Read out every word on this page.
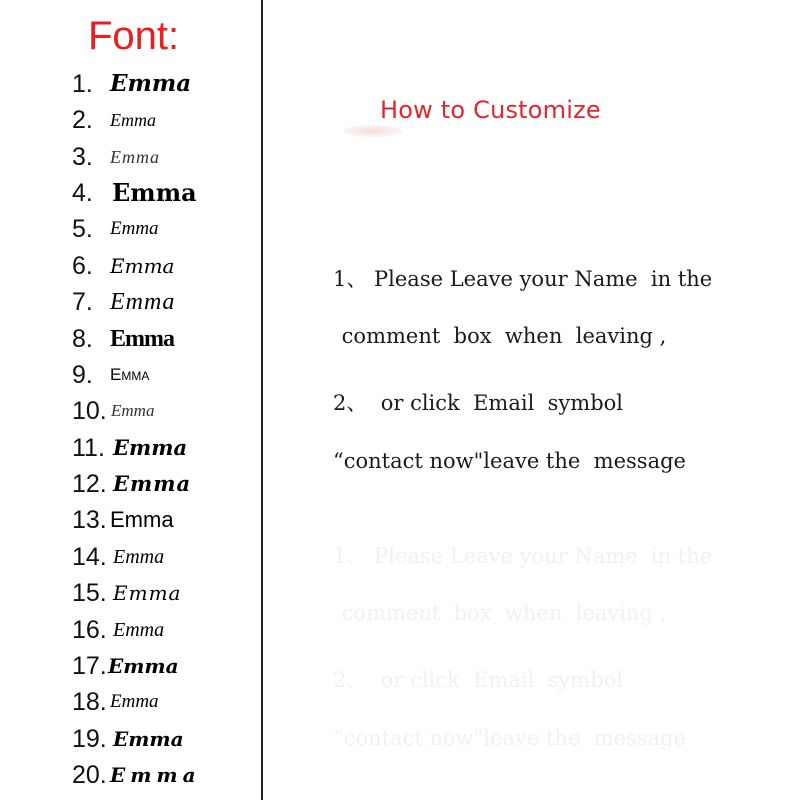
Font:
1. Emma
2. Emma
3. Emma
4. Emma
5. Emma
6. Emma
7. Emma
8. Emma
9. Emma
10. Emma
11. Emma
12. Emma
13. Emma
14. Emma
15. Emma
16. Emma
17. Emma
18. Emma
19. Emma
20. Emma
How to Customize

1、 Please Leave your Name  in the

comment  box  when  leaving ,

2、  or click  Email  symbol

“contact now"leave the  message

1、 Please Leave your Name  in the

comment  box  when  leaving ,

2、  or click  Email  symbol

“contact now"leave the  message
